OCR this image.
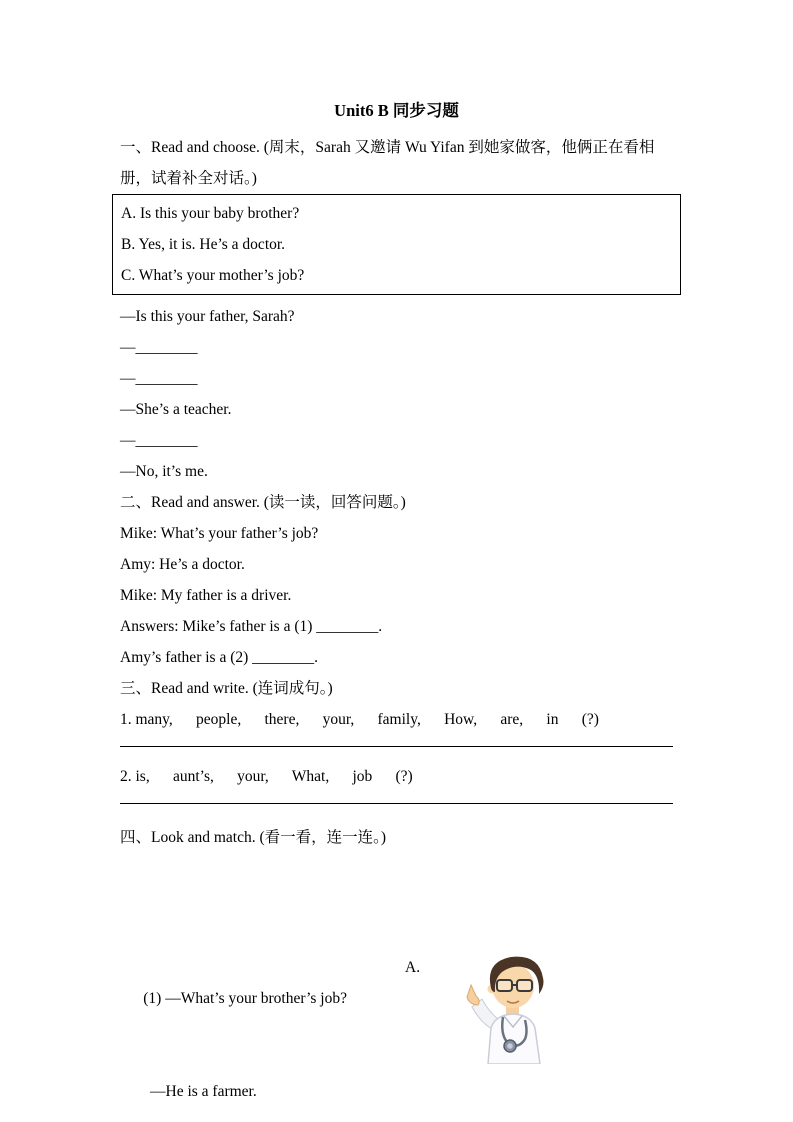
Unit6 B 同步习题
一、Read and choose. (周末，Sarah 又邀请 Wu Yifan 到她家做客，他俩正在看相册，试着补全对话。)
A. Is this your baby brother?
B. Yes, it is. He’s a doctor.
C. What’s your mother’s job?
—Is this your father, Sarah?
—________
—________
—She’s a teacher.
—________
—No, it’s me.
二、Read and answer. (读一读，回答问题。)
Mike: What’s your father’s job?
Amy: He’s a doctor.
Mike: My father is a driver.
Answers: Mike’s father is a (1) ________.
Amy’s father is a (2) ________.
三、Read and write. (连词成句。)
1. many,      people,      there,      your,      family,      How,      are,      in      (?)
2. is,      aunt’s,      your,      What,      job      (?)
四、Look and match. (看一看，连一连。)

(1) —What’s your brother’s job?

A.

—He is a farmer.
